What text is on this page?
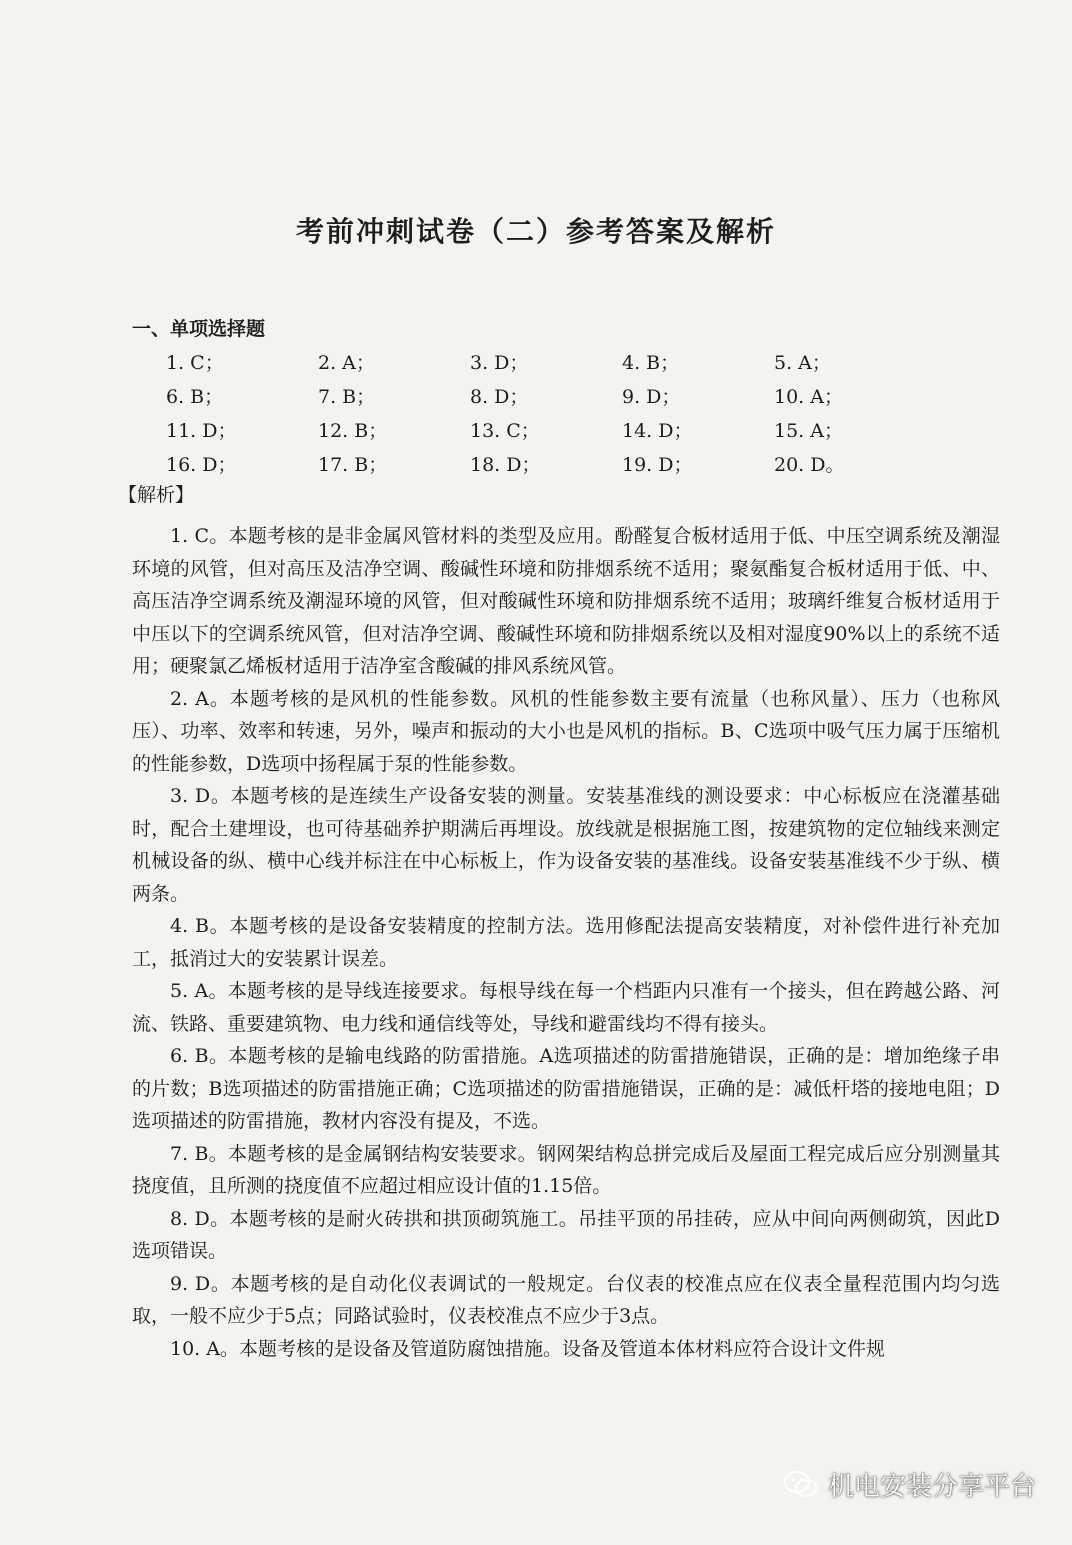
考前冲刺试卷（二）参考答案及解析
一、单项选择题
1. C；	2. A；	3. D；	4. B；	5. A；
6. B；	7. B；	8. D；	9. D；	10. A；
11. D；	12. B；	13. C；	14. D；	15. A；
16. D；	17. B；	18. D；	19. D；	20. D。
【解析】

1. C。本题考核的是非金属风管材料的类型及应用。酚醛复合板材适用于低、中压空调系统及潮湿环境的风管，但对高压及洁净空调、酸碱性环境和防排烟系统不适用；聚氨酯复合板材适用于低、中、高压洁净空调系统及潮湿环境的风管，但对酸碱性环境和防排烟系统不适用；玻璃纤维复合板材适用于中压以下的空调系统风管，但对洁净空调、酸碱性环境和防排烟系统以及相对湿度90%以上的系统不适用；硬聚氯乙烯板材适用于洁净室含酸碱的排风系统风管。

2. A。本题考核的是风机的性能参数。风机的性能参数主要有流量（也称风量）、压力（也称风压）、功率、效率和转速，另外，噪声和振动的大小也是风机的指标。B、C选项中吸气压力属于压缩机的性能参数，D选项中扬程属于泵的性能参数。

3. D。本题考核的是连续生产设备安装的测量。安装基准线的测设要求：中心标板应在浇灌基础时，配合土建埋设，也可待基础养护期满后再埋设。放线就是根据施工图，按建筑物的定位轴线来测定机械设备的纵、横中心线并标注在中心标板上，作为设备安装的基准线。设备安装基准线不少于纵、横两条。

4. B。本题考核的是设备安装精度的控制方法。选用修配法提高安装精度，对补偿件进行补充加工，抵消过大的安装累计误差。

5. A。本题考核的是导线连接要求。每根导线在每一个档距内只准有一个接头，但在跨越公路、河流、铁路、重要建筑物、电力线和通信线等处，导线和避雷线均不得有接头。

6. B。本题考核的是输电线路的防雷措施。A选项描述的防雷措施错误，正确的是：增加绝缘子串的片数；B选项描述的防雷措施正确；C选项描述的防雷措施错误，正确的是：减低杆塔的接地电阻；D选项描述的防雷措施，教材内容没有提及，不选。

7. B。本题考核的是金属钢结构安装要求。钢网架结构总拼完成后及屋面工程完成后应分别测量其挠度值，且所测的挠度值不应超过相应设计值的1.15倍。

8. D。本题考核的是耐火砖拱和拱顶砌筑施工。吊挂平顶的吊挂砖，应从中间向两侧砌筑，因此D选项错误。

9. D。本题考核的是自动化仪表调试的一般规定。台仪表的校准点应在仪表全量程范围内均匀选取，一般不应少于5点；同路试验时，仪表校准点不应少于3点。

10. A。本题考核的是设备及管道防腐蚀措施。设备及管道本体材料应符合设计文件规

机电安装分享平台
